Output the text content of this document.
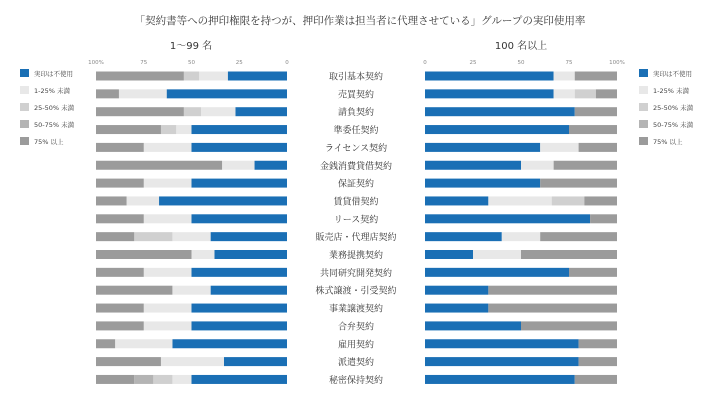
「契約書等への押印権限を持つが、押印作業は担当者に代理させている」グループの実印使用率
1〜99 名	100 名以上
実印は不使用
1-25% 未満
25-50% 未満
50-75% 未満
75% 以上
実印は不使用
1-25% 未満
25-50% 未満
50-75% 未満
75% 以上
100%	75	50	25	0	0	25	50	75	100%
取引基本契約
売買契約
請負契約
準委任契約
ライセンス契約
金銭消費貸借契約
保証契約
賃貸借契約
リース契約
販売店・代理店契約
業務提携契約
共同研究開発契約
株式譲渡・引受契約
事業譲渡契約
合弁契約
雇用契約
派遣契約
秘密保持契約
